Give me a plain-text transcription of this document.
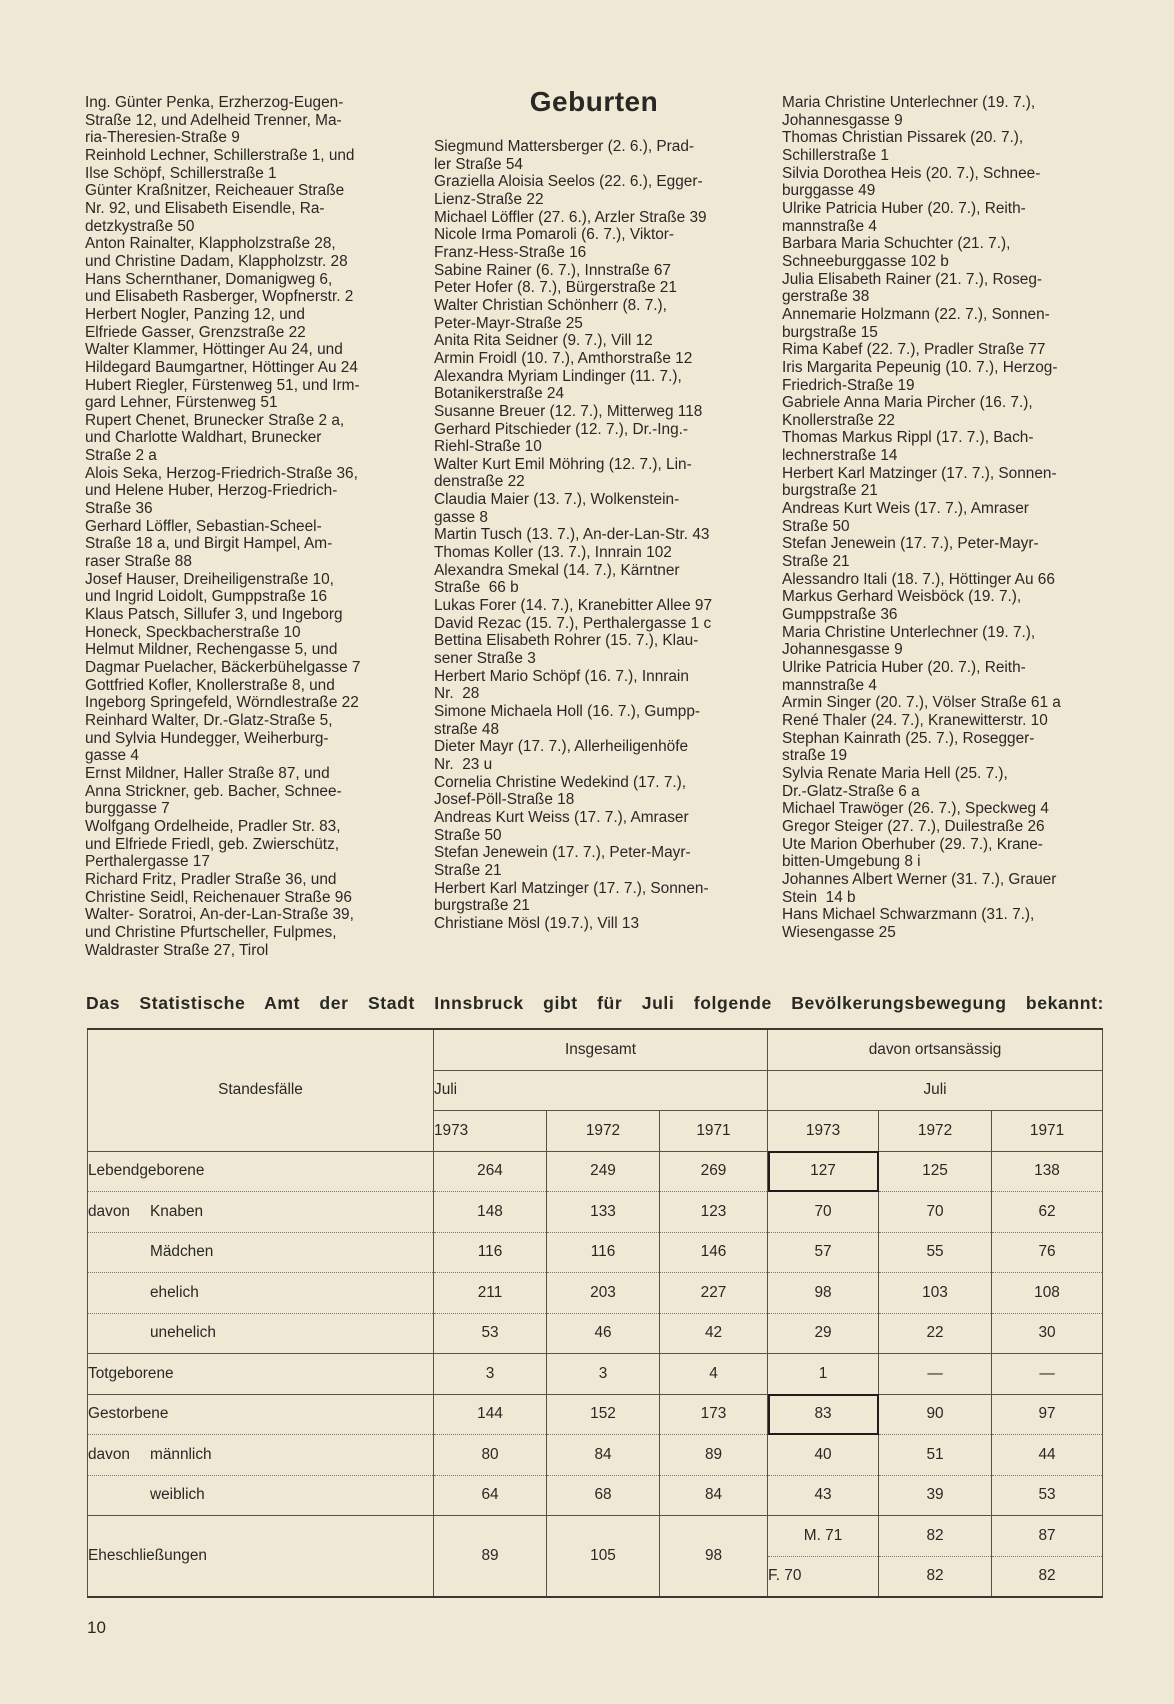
Ing. Günter Penka, Erzherzog-Eugen-
Straße 12, und Adelheid Trenner, Ma-
ria-Theresien-Straße 9
Reinhold Lechner, Schillerstraße 1, und
Ilse Schöpf, Schillerstraße 1
Günter Kraßnitzer, Reicheauer Straße
Nr. 92, und Elisabeth Eisendle, Ra-
detzkystraße 50
Anton Rainalter, Klappholzstraße 28,
und Christine Dadam, Klappholzstr. 28
Hans Schernthaner, Domanigweg 6,
und Elisabeth Rasberger, Wopfnerstr. 2
Herbert Nogler, Panzing 12, und
Elfriede Gasser, Grenzstraße 22
Walter Klammer, Höttinger Au 24, und
Hildegard Baumgartner, Höttinger Au 24
Hubert Riegler, Fürstenweg 51, und Irm-
gard Lehner, Fürstenweg 51
Rupert Chenet, Brunecker Straße 2 a,
und Charlotte Waldhart, Brunecker
Straße 2 a
Alois Seka, Herzog-Friedrich-Straße 36,
und Helene Huber, Herzog-Friedrich-
Straße 36
Gerhard Löffler, Sebastian-Scheel-
Straße 18 a, und Birgit Hampel, Am-
raser Straße 88
Josef Hauser, Dreiheiligenstraße 10,
und Ingrid Loidolt, Gumppstraße 16
Klaus Patsch, Sillufer 3, und Ingeborg
Honeck, Speckbacherstraße 10
Helmut Mildner, Rechengasse 5, und
Dagmar Puelacher, Bäckerbühelgasse 7
Gottfried Kofler, Knollerstraße 8, und
Ingeborg Springefeld, Wörndlestraße 22
Reinhard Walter, Dr.-Glatz-Straße 5,
und Sylvia Hundegger, Weiherburg-
gasse 4
Ernst Mildner, Haller Straße 87, und
Anna Strickner, geb. Bacher, Schnee-
burggasse 7
Wolfgang Ordelheide, Pradler Str. 83,
und Elfriede Friedl, geb. Zwierschütz,
Perthalergasse 17
Richard Fritz, Pradler Straße 36, und
Christine Seidl, Reichenauer Straße 96
Walter- Soratroi, An-der-Lan-Straße 39,
und Christine Pfurtscheller, Fulpmes,
Waldraster Straße 27, Tirol
Geburten
Siegmund Mattersberger (2. 6.), Prad-
ler Straße 54
Graziella Aloisia Seelos (22. 6.), Egger-
Lienz-Straße 22
Michael Löffler (27. 6.), Arzler Straße 39
Nicole Irma Pomaroli (6. 7.), Viktor-
Franz-Hess-Straße 16
Sabine Rainer (6. 7.), Innstraße 67
Peter Hofer (8. 7.), Bürgerstraße 21
Walter Christian Schönherr (8. 7.),
Peter-Mayr-Straße 25
Anita Rita Seidner (9. 7.), Vill 12
Armin Froidl (10. 7.), Amthorstraße 12
Alexandra Myriam Lindinger (11. 7.),
Botanikerstraße 24
Susanne Breuer (12. 7.), Mitterweg 118
Gerhard Pitschieder (12. 7.), Dr.-Ing.-
Riehl-Straße 10
Walter Kurt Emil Möhring (12. 7.), Lin-
denstraße 22
Claudia Maier (13. 7.), Wolkenstein-
gasse 8
Martin Tusch (13. 7.), An-der-Lan-Str. 43
Thomas Koller (13. 7.), Innrain 102
Alexandra Smekal (14. 7.), Kärntner
Straße  66 b
Lukas Forer (14. 7.), Kranebitter Allee 97
David Rezac (15. 7.), Perthalergasse 1 c
Bettina Elisabeth Rohrer (15. 7.), Klau-
sener Straße 3
Herbert Mario Schöpf (16. 7.), Innrain
Nr.  28
Simone Michaela Holl (16. 7.), Gumpp-
straße 48
Dieter Mayr (17. 7.), Allerheiligenhöfe
Nr.  23 u
Cornelia Christine Wedekind (17. 7.),
Josef-Pöll-Straße 18
Andreas Kurt Weiss (17. 7.), Amraser
Straße 50
Stefan Jenewein (17. 7.), Peter-Mayr-
Straße 21
Herbert Karl Matzinger (17. 7.), Sonnen-
burgstraße 21
Christiane Mösl (19.7.), Vill 13
Maria Christine Unterlechner (19. 7.),
Johannesgasse 9
Thomas Christian Pissarek (20. 7.),
Schillerstraße 1
Silvia Dorothea Heis (20. 7.), Schnee-
burggasse 49
Ulrike Patricia Huber (20. 7.), Reith-
mannstraße 4
Barbara Maria Schuchter (21. 7.),
Schneeburggasse 102 b
Julia Elisabeth Rainer (21. 7.), Roseg-
gerstraße 38
Annemarie Holzmann (22. 7.), Sonnen-
burgstraße 15
Rima Kabef (22. 7.), Pradler Straße 77
Iris Margarita Pepeunig (10. 7.), Herzog-
Friedrich-Straße 19
Gabriele Anna Maria Pircher (16. 7.),
Knollerstraße 22
Thomas Markus Rippl (17. 7.), Bach-
lechnerstraße 14
Herbert Karl Matzinger (17. 7.), Sonnen-
burgstraße 21
Andreas Kurt Weis (17. 7.), Amraser
Straße 50
Stefan Jenewein (17. 7.), Peter-Mayr-
Straße 21
Alessandro Itali (18. 7.), Höttinger Au 66
Markus Gerhard Weisböck (19. 7.),
Gumppstraße 36
Maria Christine Unterlechner (19. 7.),
Johannesgasse 9
Ulrike Patricia Huber (20. 7.), Reith-
mannstraße 4
Armin Singer (20. 7.), Völser Straße 61 a
René Thaler (24. 7.), Kranewitterstr. 10
Stephan Kainrath (25. 7.), Rosegger-
straße 19
Sylvia Renate Maria Hell (25. 7.),
Dr.-Glatz-Straße 6 a
Michael Trawöger (26. 7.), Speckweg 4
Gregor Steiger (27. 7.), Duilestraße 26
Ute Marion Oberhuber (29. 7.), Krane-
bitten-Umgebung 8 i
Johannes Albert Werner (31. 7.), Grauer
Stein  14 b
Hans Michael Schwarzmann (31. 7.),
Wiesengasse 25
Das Statistische Amt der Stadt Innsbruck gibt für Juli folgende Bevölkerungsbewegung bekannt:
Standesfälle	Insgesamt			davon ortsansässig		
	Juli			Juli		
	1973	1972	1971	1973	1972	1971
Lebendgeborene	264	249	269	127	125	138
davon Knaben	148	133	123	70	70	62
Mädchen	116	116	146	57	55	76
ehelich	211	203	227	98	103	108
unehelich	53	46	42	29	22	30
Totgeborene	3	3	4	1	—	—
Gestorbene	144	152	173	83	90	97
davon männlich	80	84	89	40	51	44
weiblich	64	68	84	43	39	53
Eheschließungen	89	105	98	M. 71	82	87
				F. 70	82	82
10
